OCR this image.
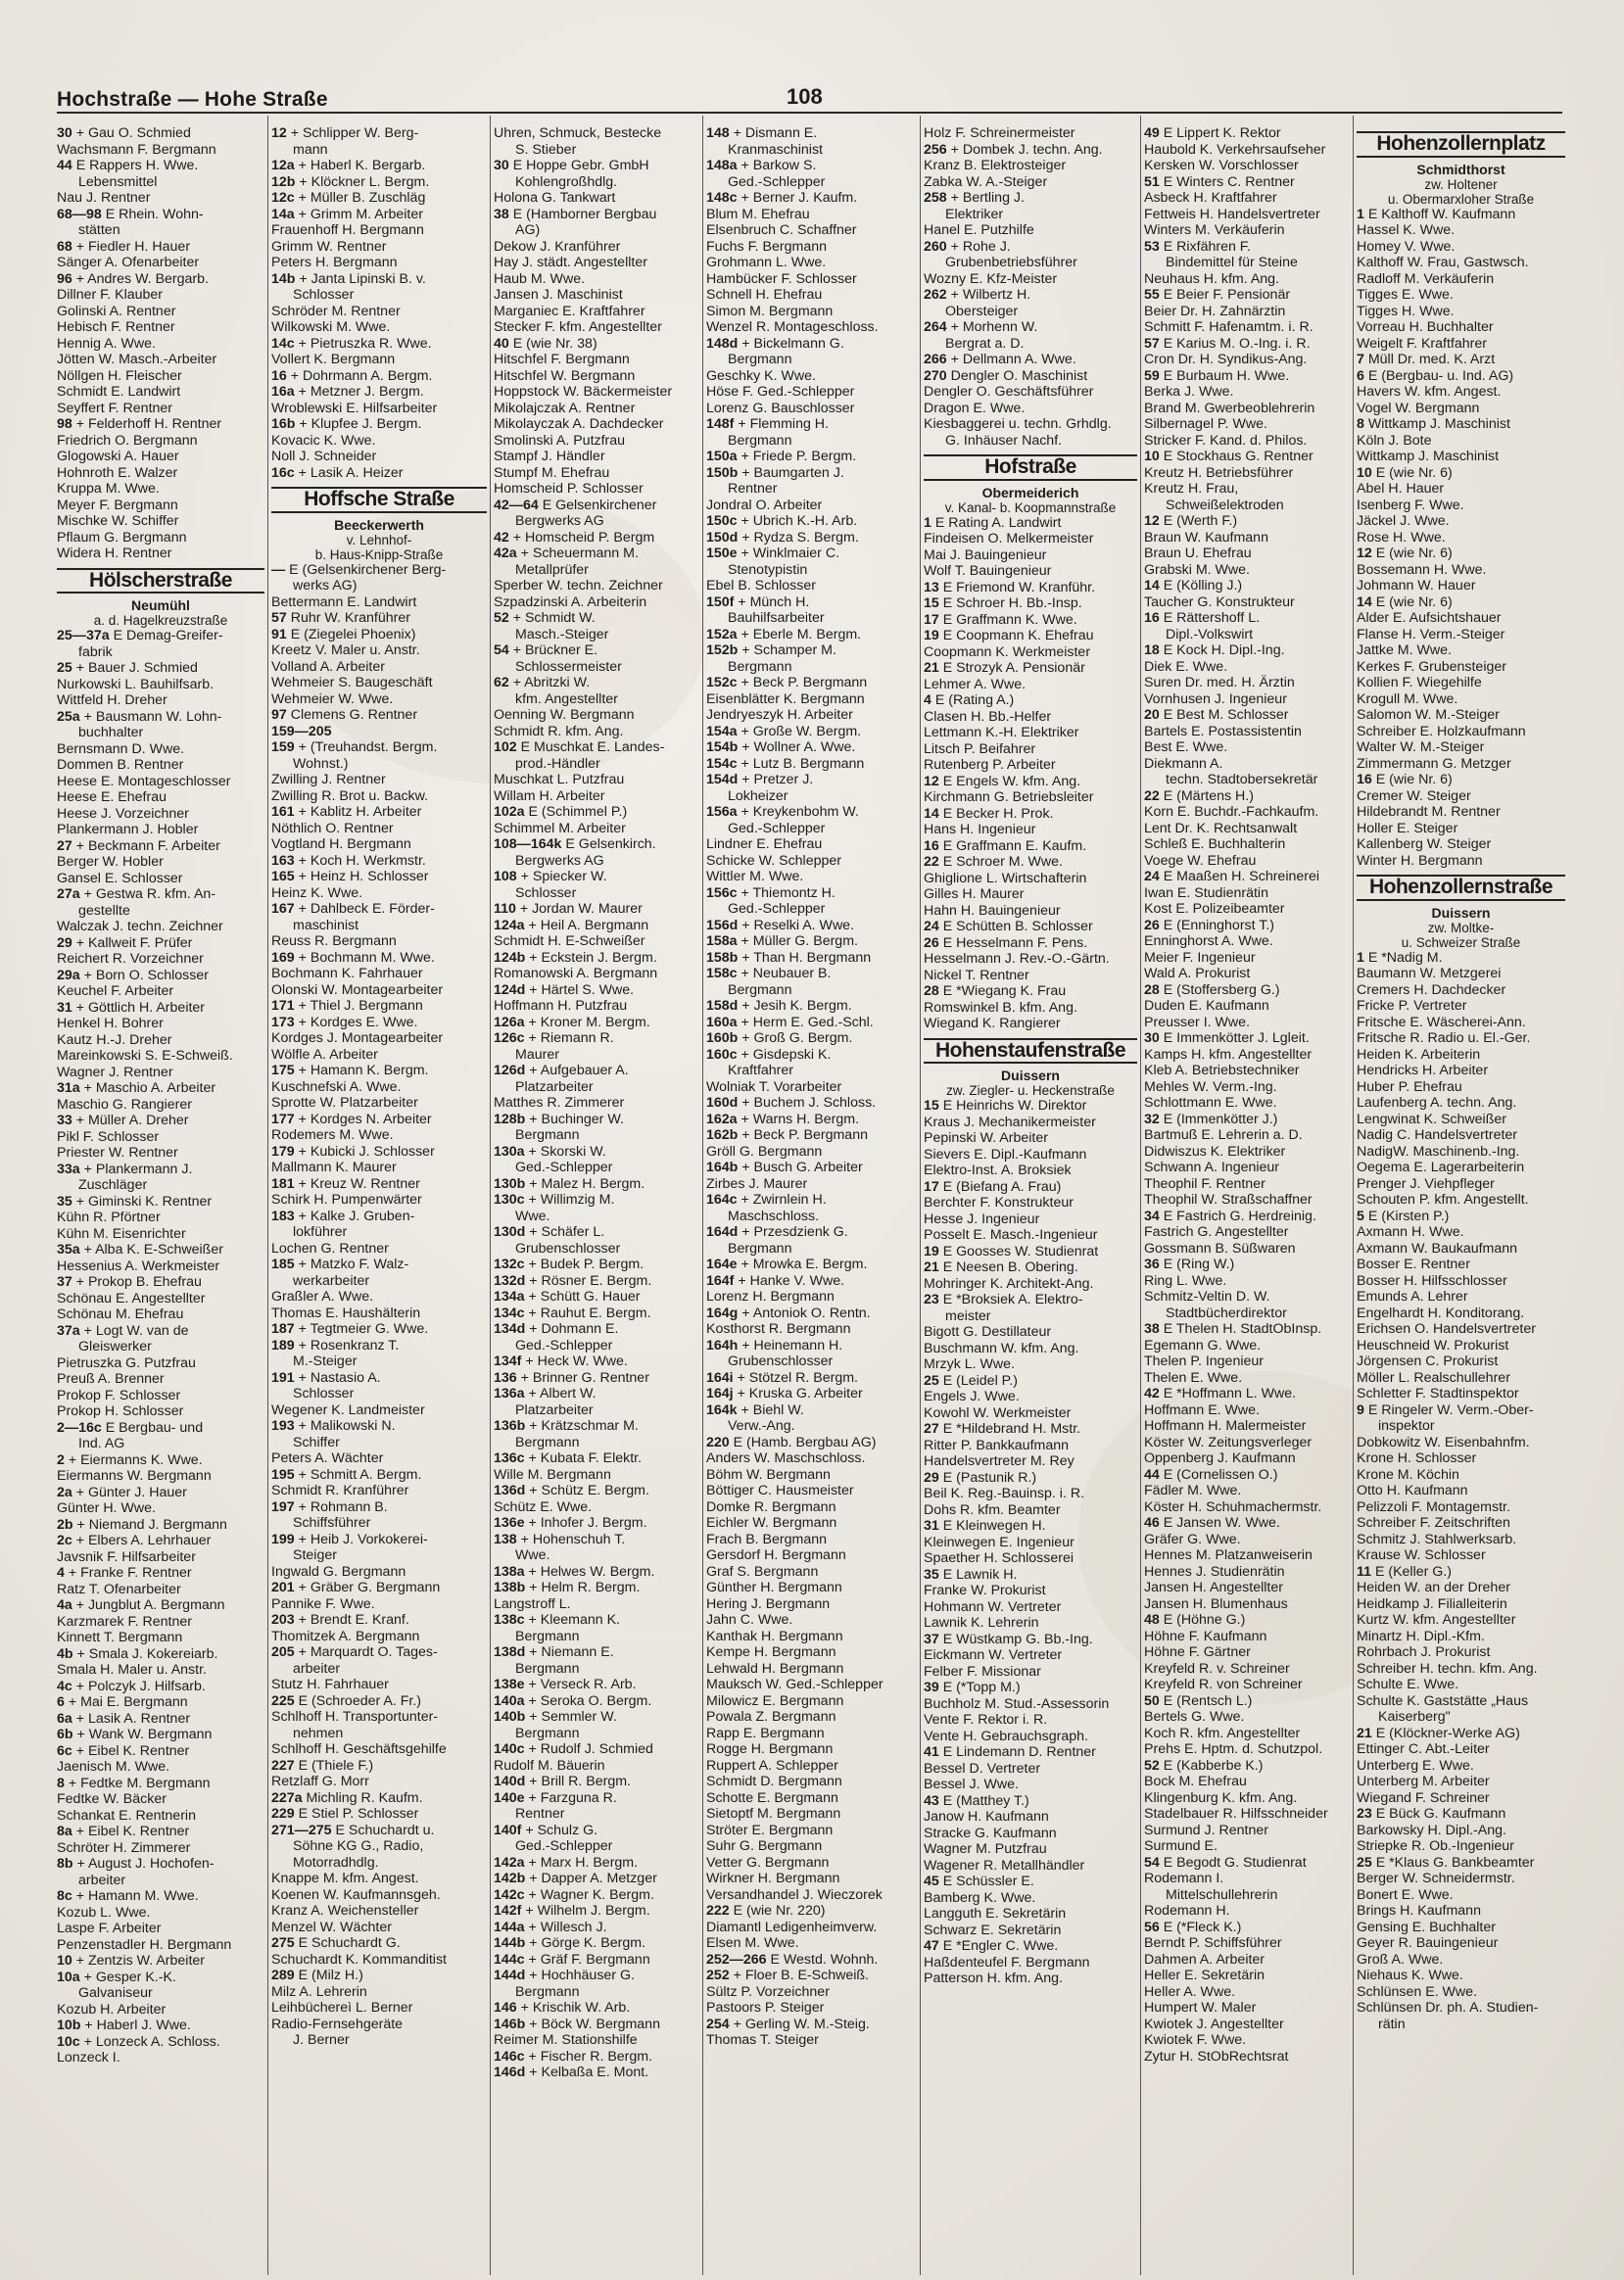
Hochstraße — Hohe Straße	108
30 + Gau O. Schmied
Wachsmann F. Bergmann
44 E Rappers H. Wwe.
Lebensmittel
Nau J. Rentner
68—98 E Rhein. Wohn-
stätten
68 + Fiedler H. Hauer
Sänger A. Ofenarbeiter
96 + Andres W. Bergarb.
Dillner F. Klauber
Golinski A. Rentner
Hebisch F. Rentner
Hennig A. Wwe.
Jötten W. Masch.-Arbeiter
Nöllgen H. Fleischer
Schmidt E. Landwirt
Seyffert F. Rentner
98 + Felderhoff H. Rentner
Friedrich O. Bergmann
Glogowski A. Hauer
Hohnroth E. Walzer
Kruppa M. Wwe.
Meyer F. Bergmann
Mischke W. Schiffer
Pflaum G. Bergmann
Widera H. Rentner
Hölscherstraße
Neumühl
a. d. Hagelkreuzstraße
25—37a E Demag-Greifer-
fabrik
25 + Bauer J. Schmied
Nurkowski L. Bauhilfsarb.
Wittfeld H. Dreher
25a + Bausmann W. Lohn-
buchhalter
Bernsmann D. Wwe.
Dommen B. Rentner
Heese E. Montageschlosser
Heese E. Ehefrau
Heese J. Vorzeichner
Plankermann J. Hobler
27 + Beckmann F. Arbeiter
Berger W. Hobler
Gansel E. Schlosser
27a + Gestwa R. kfm. An-
gestellte
Walczak J. techn. Zeichner
29 + Kallweit F. Prüfer
Reichert R. Vorzeichner
29a + Born O. Schlosser
Keuchel F. Arbeiter
31 + Göttlich H. Arbeiter
Henkel H. Bohrer
Kautz H.-J. Dreher
Mareinkowski S. E-Schweiß.
Wagner J. Rentner
31a + Maschio A. Arbeiter
Maschio G. Rangierer
33 + Müller A. Dreher
Pikl F. Schlosser
Priester W. Rentner
33a + Plankermann J.
Zuschläger
35 + Giminski K. Rentner
Kühn R. Pförtner
Kühn M. Eisenrichter
35a + Alba K. E-Schweißer
Hessenius A. Werkmeister
37 + Prokop B. Ehefrau
Schönau E. Angestellter
Schönau M. Ehefrau
37a + Logt W. van de
Gleiswerker
Pietruszka G. Putzfrau
Preuß A. Brenner
Prokop F. Schlosser
Prokop H. Schlosser
2—16c E Bergbau- und
Ind. AG
2 + Eiermanns K. Wwe.
Eiermanns W. Bergmann
2a + Günter J. Hauer
Günter H. Wwe.
2b + Niemand J. Bergmann
2c + Elbers A. Lehrhauer
Javsnik F. Hilfsarbeiter
4 + Franke F. Rentner
Ratz T. Ofenarbeiter
4a + Jungblut A. Bergmann
Karzmarek F. Rentner
Kinnett T. Bergmann
4b + Smala J. Kokereiarb.
Smala H. Maler u. Anstr.
4c + Polczyk J. Hilfsarb.
6 + Mai E. Bergmann
6a + Lasik A. Rentner
6b + Wank W. Bergmann
6c + Eibel K. Rentner
Jaenisch M. Wwe.
8 + Fedtke M. Bergmann
Fedtke W. Bäcker
Schankat E. Rentnerin
8a + Eibel K. Rentner
Schröter H. Zimmerer
8b + August J. Hochofen-
arbeiter
8c + Hamann M. Wwe.
Kozub L. Wwe.
Laspe F. Arbeiter
Penzenstadler H. Bergmann
10 + Zentzis W. Arbeiter
10a + Gesper K.-K.
Galvaniseur
Kozub H. Arbeiter
10b + Haberl J. Wwe.
10c + Lonzeck A. Schloss.
Lonzeck I.
12 + Schlipper W. Berg-
mann
12a + Haberl K. Bergarb.
12b + Klöckner L. Bergm.
12c + Müller B. Zuschläg
14a + Grimm M. Arbeiter
Frauenhoff H. Bergmann
Grimm W. Rentner
Peters H. Bergmann
14b + Janta Lipinski B. v.
Schlosser
Schröder M. Rentner
Wilkowski M. Wwe.
14c + Pietruszka R. Wwe.
Vollert K. Bergmann
16 + Dohrmann A. Bergm.
16a + Metzner J. Bergm.
Wroblewski E. Hilfsarbeiter
16b + Klupfee J. Bergm.
Kovacic K. Wwe.
Noll J. Schneider
16c + Lasik A. Heizer
Hoffsche Straße
Beeckerwerth
v. Lehnhof-
b. Haus-Knipp-Straße
— E (Gelsenkirchener Berg-
werks AG)
Bettermann E. Landwirt
57 Ruhr W. Kranführer
91 E (Ziegelei Phoenix)
Kreetz V. Maler u. Anstr.
Volland A. Arbeiter
Wehmeier S. Baugeschäft
Wehmeier W. Wwe.
97 Clemens G. Rentner
159—205
159 + (Treuhandst. Bergm.
Wohnst.)
Zwilling J. Rentner
Zwilling R. Brot u. Backw.
161 + Kablitz H. Arbeiter
Nöthlich O. Rentner
Vogtland H. Bergmann
163 + Koch H. Werkmstr.
165 + Heinz H. Schlosser
Heinz K. Wwe.
167 + Dahlbeck E. Förder-
maschinist
Reuss R. Bergmann
169 + Bochmann M. Wwe.
Bochmann K. Fahrhauer
Olonski W. Montagearbeiter
171 + Thiel J. Bergmann
173 + Kordges E. Wwe.
Kordges J. Montagearbeiter
Wölfle A. Arbeiter
175 + Hamann K. Bergm.
Kuschnefski A. Wwe.
Sprotte W. Platzarbeiter
177 + Kordges N. Arbeiter
Rodemers M. Wwe.
179 + Kubicki J. Schlosser
Mallmann K. Maurer
181 + Kreuz W. Rentner
Schirk H. Pumpenwärter
183 + Kalke J. Gruben-
lokführer
Lochen G. Rentner
185 + Matzko F. Walz-
werkarbeiter
Graßler A. Wwe.
Thomas E. Haushälterin
187 + Tegtmeier G. Wwe.
189 + Rosenkranz T.
M.-Steiger
191 + Nastasio A.
Schlosser
Wegener K. Landmeister
193 + Malikowski N.
Schiffer
Peters A. Wächter
195 + Schmitt A. Bergm.
Schmidt R. Kranführer
197 + Rohmann B.
Schiffsführer
199 + Heib J. Vorkokerei-
Steiger
Ingwald G. Bergmann
201 + Gräber G. Bergmann
Pannike F. Wwe.
203 + Brendt E. Kranf.
Thomitzek A. Bergmann
205 + Marquardt O. Tages-
arbeiter
Stutz H. Fahrhauer
225 E (Schroeder A. Fr.)
Schlhoff H. Transportunter-
nehmen
Schlhoff H. Geschäftsgehilfe
227 E (Thiele F.)
Retzlaff G. Morr
227a Michling R. Kaufm.
229 E Stiel P. Schlosser
271—275 E Schuchardt u.
Söhne KG G., Radio,
Motorradhdlg.
Knappe M. kfm. Angest.
Koenen W. Kaufmannsgeh.
Kranz A. Weichensteller
Menzel W. Wächter
275 E Schuchardt G.
Schuchardt K. Kommanditist
289 E (Milz H.)
Milz A. Lehrerin
Leihbüchereì L. Berner
Radio-Fernsehgeräte
J. Berner
Uhren, Schmuck, Bestecke
S. Stieber
30 E Hoppe Gebr. GmbH
Kohlengroßhdlg.
Holona G. Tankwart
38 E (Hamborner Bergbau
AG)
Dekow J. Kranführer
Hay J. städt. Angestellter
Haub M. Wwe.
Jansen J. Maschinist
Marganiec E. Kraftfahrer
Stecker F. kfm. Angestellter
40 E (wie Nr. 38)
Hitschfel F. Bergmann
Hitschfel W. Bergmann
Hoppstock W. Bäckermeister
Mikolajczak A. Rentner
Mikolayczak A. Dachdecker
Smolinski A. Putzfrau
Stampf J. Händler
Stumpf M. Ehefrau
Homscheid P. Schlosser
42—64 E Gelsenkirchener
Bergwerks AG
42 + Homscheid P. Bergm
42a + Scheuermann M.
Metallprüfer
Sperber W. techn. Zeichner
Szpadzinski A. Arbeiterin
52 + Schmidt W.
Masch.-Steiger
54 + Brückner E.
Schlossermeister
62 + Abritzki W.
kfm. Angestellter
Oenning W. Bergmann
Schmidt R. kfm. Ang.
102 E Muschkat E. Landes-
prod.-Händler
Muschkat L. Putzfrau
Willam H. Arbeiter
102a E (Schimmel P.)
Schimmel M. Arbeiter
108—164k E Gelsenkirch.
Bergwerks AG
108 + Spiecker W.
Schlosser
110 + Jordan W. Maurer
124a + Heil A. Bergmann
Schmidt H. E-Schweißer
124b + Eckstein J. Bergm.
Romanowski A. Bergmann
124d + Härtel S. Wwe.
Hoffmann H. Putzfrau
126a + Kroner M. Bergm.
126c + Riemann R.
Maurer
126d + Aufgebauer A.
Platzarbeiter
Matthes R. Zimmerer
128b + Buchinger W.
Bergmann
130a + Skorski W.
Ged.-Schlepper
130b + Malez H. Bergm.
130c + Willimzig M.
Wwe.
130d + Schäfer L.
Grubenschlosser
132c + Budek P. Bergm.
132d + Rösner E. Bergm.
134a + Schütt G. Hauer
134c + Rauhut E. Bergm.
134d + Dohmann E.
Ged.-Schlepper
134f + Heck W. Wwe.
136 + Brinner G. Rentner
136a + Albert W.
Platzarbeiter
136b + Krätzschmar M.
Bergmann
136c + Kubata F. Elektr.
Wille M. Bergmann
136d + Schütz E. Bergm.
Schütz E. Wwe.
136e + Inhofer J. Bergm.
138 + Hohenschuh T.
Wwe.
138a + Helwes W. Bergm.
138b + Helm R. Bergm.
Langstroff L.
138c + Kleemann K.
Bergmann
138d + Niemann E.
Bergmann
138e + Verseck R. Arb.
140a + Seroka O. Bergm.
140b + Semmler W.
Bergmann
140c + Rudolf J. Schmied
Rudolf M. Bäuerin
140d + Brill R. Bergm.
140e + Farzguna R.
Rentner
140f + Schulz G.
Ged.-Schlepper
142a + Marx H. Bergm.
142b + Dapper A. Metzger
142c + Wagner K. Bergm.
142f + Wilhelm J. Bergm.
144a + Willesch J.
144b + Görge K. Bergm.
144c + Gräf F. Bergmann
144d + Hochhäuser G.
Bergmann
146 + Krischik W. Arb.
146b + Böck W. Bergmann
Reimer M. Stationshilfe
146c + Fischer R. Bergm.
146d + Kelbaßa E. Mont.
148 + Dismann E.
Kranmaschinist
148a + Barkow S.
Ged.-Schlepper
148c + Berner J. Kaufm.
Blum M. Ehefrau
Elsenbruch C. Schaffner
Fuchs F. Bergmann
Grohmann L. Wwe.
Hambücker F. Schlosser
Schnell H. Ehefrau
Simon M. Bergmann
Wenzel R. Montageschloss.
148d + Bickelmann G.
Bergmann
Geschky K. Wwe.
Höse F. Ged.-Schlepper
Lorenz G. Bauschlosser
148f + Flemming H.
Bergmann
150a + Friede P. Bergm.
150b + Baumgarten J.
Rentner
Jondral O. Arbeiter
150c + Ubrich K.-H. Arb.
150d + Rydza S. Bergm.
150e + Winklmaier C.
Stenotypistin
Ebel B. Schlosser
150f + Münch H.
Bauhilfsarbeiter
152a + Eberle M. Bergm.
152b + Schamper M.
Bergmann
152c + Beck P. Bergmann
Eisenblätter K. Bergmann
Jendryeszyk H. Arbeiter
154a + Große W. Bergm.
154b + Wollner A. Wwe.
154c + Lutz B. Bergmann
154d + Pretzer J.
Lokheizer
156a + Kreykenbohm W.
Ged.-Schlepper
Lindner E. Ehefrau
Schicke W. Schlepper
Wittler M. Wwe.
156c + Thiemontz H.
Ged.-Schlepper
156d + Reselki A. Wwe.
158a + Müller G. Bergm.
158b + Than H. Bergmann
158c + Neubauer B.
Bergmann
158d + Jesih K. Bergm.
160a + Herm E. Ged.-Schl.
160b + Groß G. Bergm.
160c + Gisdepski K.
Kraftfahrer
Wolniak T. Vorarbeiter
160d + Buchem J. Schloss.
162a + Warns H. Bergm.
162b + Beck P. Bergmann
Gröll G. Bergmann
164b + Busch G. Arbeiter
Zirbes J. Maurer
164c + Zwirnlein H.
Maschschloss.
164d + Przesdzienk G.
Bergmann
164e + Mrowka E. Bergm.
164f + Hanke V. Wwe.
Lorenz H. Bergmann
164g + Antoniok O. Rentn.
Kosthorst R. Bergmann
164h + Heinemann H.
Grubenschlosser
164i + Stötzel R. Bergm.
164j + Kruska G. Arbeiter
164k + Biehl W.
Verw.-Ang.
220 E (Hamb. Bergbau AG)
Anders W. Maschschloss.
Böhm W. Bergmann
Böttiger C. Hausmeister
Domke R. Bergmann
Eichler W. Bergmann
Frach B. Bergmann
Gersdorf H. Bergmann
Graf S. Bergmann
Günther H. Bergmann
Hering J. Bergmann
Jahn C. Wwe.
Kanthak H. Bergmann
Kempe H. Bergmann
Lehwald H. Bergmann
Mauksch W. Ged.-Schlepper
Milowicz E. Bergmann
Powala Z. Bergmann
Rapp E. Bergmann
Rogge H. Bergmann
Ruppert A. Schlepper
Schmidt D. Bergmann
Schotte E. Bergmann
Sietoptf M. Bergmann
Ströter E. Bergmann
Suhr G. Bergmann
Vetter G. Bergmann
Wirkner H. Bergmann
Versandhandel J. Wieczorek
222 E (wie Nr. 220)
Diamantl Ledigenheimverw.
Elsen M. Wwe.
252—266 E Westd. Wohnh.
252 + Floer B. E-Schweiß.
Sültz P. Vorzeichner
Pastoors P. Steiger
254 + Gerling W. M.-Steig.
Thomas T. Steiger
Holz F. Schreinermeister
256 + Dombek J. techn. Ang.
Kranz B. Elektrosteiger
Zabka W. A.-Steiger
258 + Bertling J.
Elektriker
Hanel E. Putzhilfe
260 + Rohe J.
Grubenbetriebsführer
Wozny E. Kfz-Meister
262 + Wilbertz H.
Obersteiger
264 + Morhenn W.
Bergrat a. D.
266 + Dellmann A. Wwe.
270 Dengler O. Maschinist
Dengler O. Geschäftsführer
Dragon E. Wwe.
Kiesbaggerei u. techn. Grhdlg.
G. Inhäuser Nachf.
Hofstraße
Obermeiderich
v. Kanal- b. Koopmannstraße
1 E Rating A. Landwirt
Findeisen O. Melkermeister
Mai J. Bauingenieur
Wolf T. Bauingenieur
13 E Friemond W. Kranführ.
15 E Schroer H. Bb.-Insp.
17 E Graffmann K. Wwe.
19 E Coopmann K. Ehefrau
Coopmann K. Werkmeister
21 E Strozyk A. Pensionär
Lehmer A. Wwe.
4 E (Rating A.)
Clasen H. Bb.-Helfer
Lettmann K.-H. Elektriker
Litsch P. Beifahrer
Rutenberg P. Arbeiter
12 E Engels W. kfm. Ang.
Kirchmann G. Betriebsleiter
14 E Becker H. Prok.
Hans H. Ingenieur
16 E Graffmann E. Kaufm.
22 E Schroer M. Wwe.
Ghiglione L. Wirtschafterin
Gilles H. Maurer
Hahn H. Bauingenieur
24 E Schütten B. Schlosser
26 E Hesselmann F. Pens.
Hesselmann J. Rev.-O.-Gärtn.
Nickel T. Rentner
28 E *Wiegang K. Frau
Romswinkel B. kfm. Ang.
Wiegand K. Rangierer
Hohenstaufenstraße
Duissern
zw. Ziegler- u. Heckenstraße
15 E Heinrichs W. Direktor
Kraus J. Mechanikermeister
Pepinski W. Arbeiter
Sievers E. Dipl.-Kaufmann
Elektro-Inst. A. Broksiek
17 E (Biefang A. Frau)
Berchter F. Konstrukteur
Hesse J. Ingenieur
Posselt E. Masch.-Ingenieur
19 E Goosses W. Studienrat
21 E Neesen B. Obering.
Mohringer K. Architekt-Ang.
23 E *Broksiek A. Elektro-
meister
Bigott G. Destillateur
Buschmann W. kfm. Ang.
Mrzyk L. Wwe.
25 E (Leidel P.)
Engels J. Wwe.
Kowohl W. Werkmeister
27 E *Hildebrand H. Mstr.
Ritter P. Bankkaufmann
Handelsvertreter M. Rey
29 E (Pastunik R.)
Beil K. Reg.-Bauinsp. i. R.
Dohs R. kfm. Beamter
31 E Kleinwegen H.
Kleinwegen E. Ingenieur
Spaether H. Schlosserei
35 E Lawnik H.
Franke W. Prokurist
Hohmann W. Vertreter
Lawnik K. Lehrerin
37 E Wüstkamp G. Bb.-Ing.
Eickmann W. Vertreter
Felber F. Missionar
39 E (*Topp M.)
Buchholz M. Stud.-Assessorin
Vente F. Rektor i. R.
Vente H. Gebrauchsgraph.
41 E Lindemann D. Rentner
Bessel D. Vertreter
Bessel J. Wwe.
43 E (Matthey T.)
Janow H. Kaufmann
Stracke G. Kaufmann
Wagner M. Putzfrau
Wagener R. Metallhändler
45 E Schüssler E.
Bamberg K. Wwe.
Langguth E. Sekretärin
Schwarz E. Sekretärin
47 E *Engler C. Wwe.
Haßdenteufel F. Bergmann
Patterson H. kfm. Ang.
49 E Lippert K. Rektor
Haubold K. Verkehrsaufseher
Kersken W. Vorschlosser
51 E Winters C. Rentner
Asbeck H. Kraftfahrer
Fettweis H. Handelsvertreter
Winters M. Verkäuferin
53 E Rixfähren F.
Bindemittel für Steine
Neuhaus H. kfm. Ang.
55 E Beier F. Pensionär
Beier Dr. H. Zahnärztin
Schmitt F. Hafenamtm. i. R.
57 E Karius M. O.-Ing. i. R.
Cron Dr. H. Syndikus-Ang.
59 E Burbaum H. Wwe.
Berka J. Wwe.
Brand M. Gwerbeoblehrerin
Silbernagel P. Wwe.
Stricker F. Kand. d. Philos.
10 E Stockhaus G. Rentner
Kreutz H. Betriebsführer
Kreutz H. Frau,
Schweißelektroden
12 E (Werth F.)
Braun W. Kaufmann
Braun U. Ehefrau
Grabski M. Wwe.
14 E (Kölling J.)
Taucher G. Konstrukteur
16 E Rättershoff L.
Dipl.-Volkswirt
18 E Kock H. Dipl.-Ing.
Diek E. Wwe.
Suren Dr. med. H. Ärztin
Vornhusen J. Ingenieur
20 E Best M. Schlosser
Bartels E. Postassistentin
Best E. Wwe.
Diekmann A.
techn. Stadtobersekretär
22 E (Märtens H.)
Korn E. Buchdr.-Fachkaufm.
Lent Dr. K. Rechtsanwalt
Schleß E. Buchhalterin
Voege W. Ehefrau
24 E Maaßen H. Schreinerei
Iwan E. Studienrätin
Kost E. Polizeibeamter
26 E (Enninghorst T.)
Enninghorst A. Wwe.
Meier F. Ingenieur
Wald A. Prokurist
28 E (Stoffersberg G.)
Duden E. Kaufmann
Preusser I. Wwe.
30 E Immenkötter J. Lgleit.
Kamps H. kfm. Angestellter
Kleb A. Betriebstechniker
Mehles W. Verm.-Ing.
Schlottmann E. Wwe.
32 E (Immenkötter J.)
Bartmuß E. Lehrerin a. D.
Didwiszus K. Elektriker
Schwann A. Ingenieur
Theophil F. Rentner
Theophil W. Straßschaffner
34 E Fastrich G. Herdreinig.
Fastrich G. Angestellter
Gossmann B. Süßwaren
36 E (Ring W.)
Ring L. Wwe.
Schmitz-Veltin D. W.
Stadtbücherdirektor
38 E Thelen H. StadtObInsp.
Egemann G. Wwe.
Thelen P. Ingenieur
Thelen E. Wwe.
42 E *Hoffmann L. Wwe.
Hoffmann E. Wwe.
Hoffmann H. Malermeister
Köster W. Zeitungsverleger
Oppenberg J. Kaufmann
44 E (Cornelissen O.)
Fädler M. Wwe.
Köster H. Schuhmachermstr.
46 E Jansen W. Wwe.
Gräfer G. Wwe.
Hennes M. Platzanweiserin
Hennes J. Studienrätin
Jansen H. Angestellter
Jansen H. Blumenhaus
48 E (Höhne G.)
Höhne F. Kaufmann
Höhne F. Gärtner
Kreyfeld R. v. Schreiner
Kreyfeld R. von Schreiner
50 E (Rentsch L.)
Bertels G. Wwe.
Koch R. kfm. Angestellter
Prehs E. Hptm. d. Schutzpol.
52 E (Kabberbe K.)
Bock M. Ehefrau
Klingenburg K. kfm. Ang.
Stadelbauer R. Hilfsschneider
Surmund J. Rentner
Surmund E.
54 E Begodt G. Studienrat
Rodemann I.
Mittelschullehrerin
Rodemann H.
56 E (*Fleck K.)
Berndt P. Schiffsführer
Dahmen A. Arbeiter
Heller E. Sekretärin
Heller A. Wwe.
Humpert W. Maler
Kwiotek J. Angestellter
Kwiotek F. Wwe.
Zytur H. StObRechtsrat
Hohenzollernplatz
Schmidthorst
zw. Holtener
u. Obermarxloher Straße
1 E Kalthoff W. Kaufmann
Hassel K. Wwe.
Homey V. Wwe.
Kalthoff W. Frau, Gastwsch.
Radloff M. Verkäuferin
Tigges E. Wwe.
Tigges H. Wwe.
Vorreau H. Buchhalter
Weigelt F. Kraftfahrer
7 Müll Dr. med. K. Arzt
6 E (Bergbau- u. Ind. AG)
Havers W. kfm. Angest.
Vogel W. Bergmann
8 Wittkamp J. Maschinist
Köln J. Bote
Wittkamp J. Maschinist
10 E (wie Nr. 6)
Abel H. Hauer
Isenberg F. Wwe.
Jäckel J. Wwe.
Rose H. Wwe.
12 E (wie Nr. 6)
Bossemann H. Wwe.
Johmann W. Hauer
14 E (wie Nr. 6)
Alder E. Aufsichtshauer
Flanse H. Verm.-Steiger
Jattke M. Wwe.
Kerkes F. Grubensteiger
Kollien F. Wiegehilfe
Krogull M. Wwe.
Salomon W. M.-Steiger
Schreiber E. Holzkaufmann
Walter W. M.-Steiger
Zimmermann G. Metzger
16 E (wie Nr. 6)
Cremer W. Steiger
Hildebrandt M. Rentner
Holler E. Steiger
Kallenberg W. Steiger
Winter H. Bergmann
Hohenzollernstraße
Duissern
zw. Moltke-
u. Schweizer Straße
1 E *Nadig M.
Baumann W. Metzgerei
Cremers H. Dachdecker
Fricke P. Vertreter
Fritsche E. Wäscherei-Ann.
Fritsche R. Radio u. El.-Ger.
Heiden K. Arbeiterin
Hendricks H. Arbeiter
Huber P. Ehefrau
Laufenberg A. techn. Ang.
Lengwinat K. Schweißer
Nadig C. Handelsvertreter
NadigW. Maschinenb.-Ing.
Oegema E. Lagerarbeiterin
Prenger J. Viehpfleger
Schouten P. kfm. Angestellt.
5 E (Kirsten P.)
Axmann H. Wwe.
Axmann W. Baukaufmann
Bosser E. Rentner
Bosser H. Hilfsschlosser
Emunds A. Lehrer
Engelhardt H. Konditorang.
Erichsen O. Handelsvertreter
Heuschneid W. Prokurist
Jörgensen C. Prokurist
Möller L. Realschullehrer
Schletter F. Stadtinspektor
9 E Ringeler W. Verm.-Ober-
inspektor
Dobkowitz W. Eisenbahnfm.
Krone H. Schlosser
Krone M. Köchin
Otto H. Kaufmann
Pelizzoli F. Montagemstr.
Schreiber F. Zeitschriften
Schmitz J. Stahlwerksarb.
Krause W. Schlosser
11 E (Keller G.)
Heiden W. an der Dreher
Heidkamp J. Filialleiterin
Kurtz W. kfm. Angestellter
Minartz H. Dipl.-Kfm.
Rohrbach J. Prokurist
Schreiber H. techn. kfm. Ang.
Schulte E. Wwe.
Schulte K. Gaststätte „Haus
Kaiserberg"
21 E (Klöckner-Werke AG)
Ettinger C. Abt.-Leiter
Unterberg E. Wwe.
Unterberg M. Arbeiter
Wiegand F. Schreiner
23 E Bück G. Kaufmann
Barkowsky H. Dipl.-Ang.
Striepke R. Ob.-Ingenieur
25 E *Klaus G. Bankbeamter
Berger W. Schneidermstr.
Bonert E. Wwe.
Brings H. Kaufmann
Gensing E. Buchhalter
Geyer R. Bauingenieur
Groß A. Wwe.
Niehaus K. Wwe.
Schlünsen E. Wwe.
Schlünsen Dr. ph. A. Studien-
rätin
